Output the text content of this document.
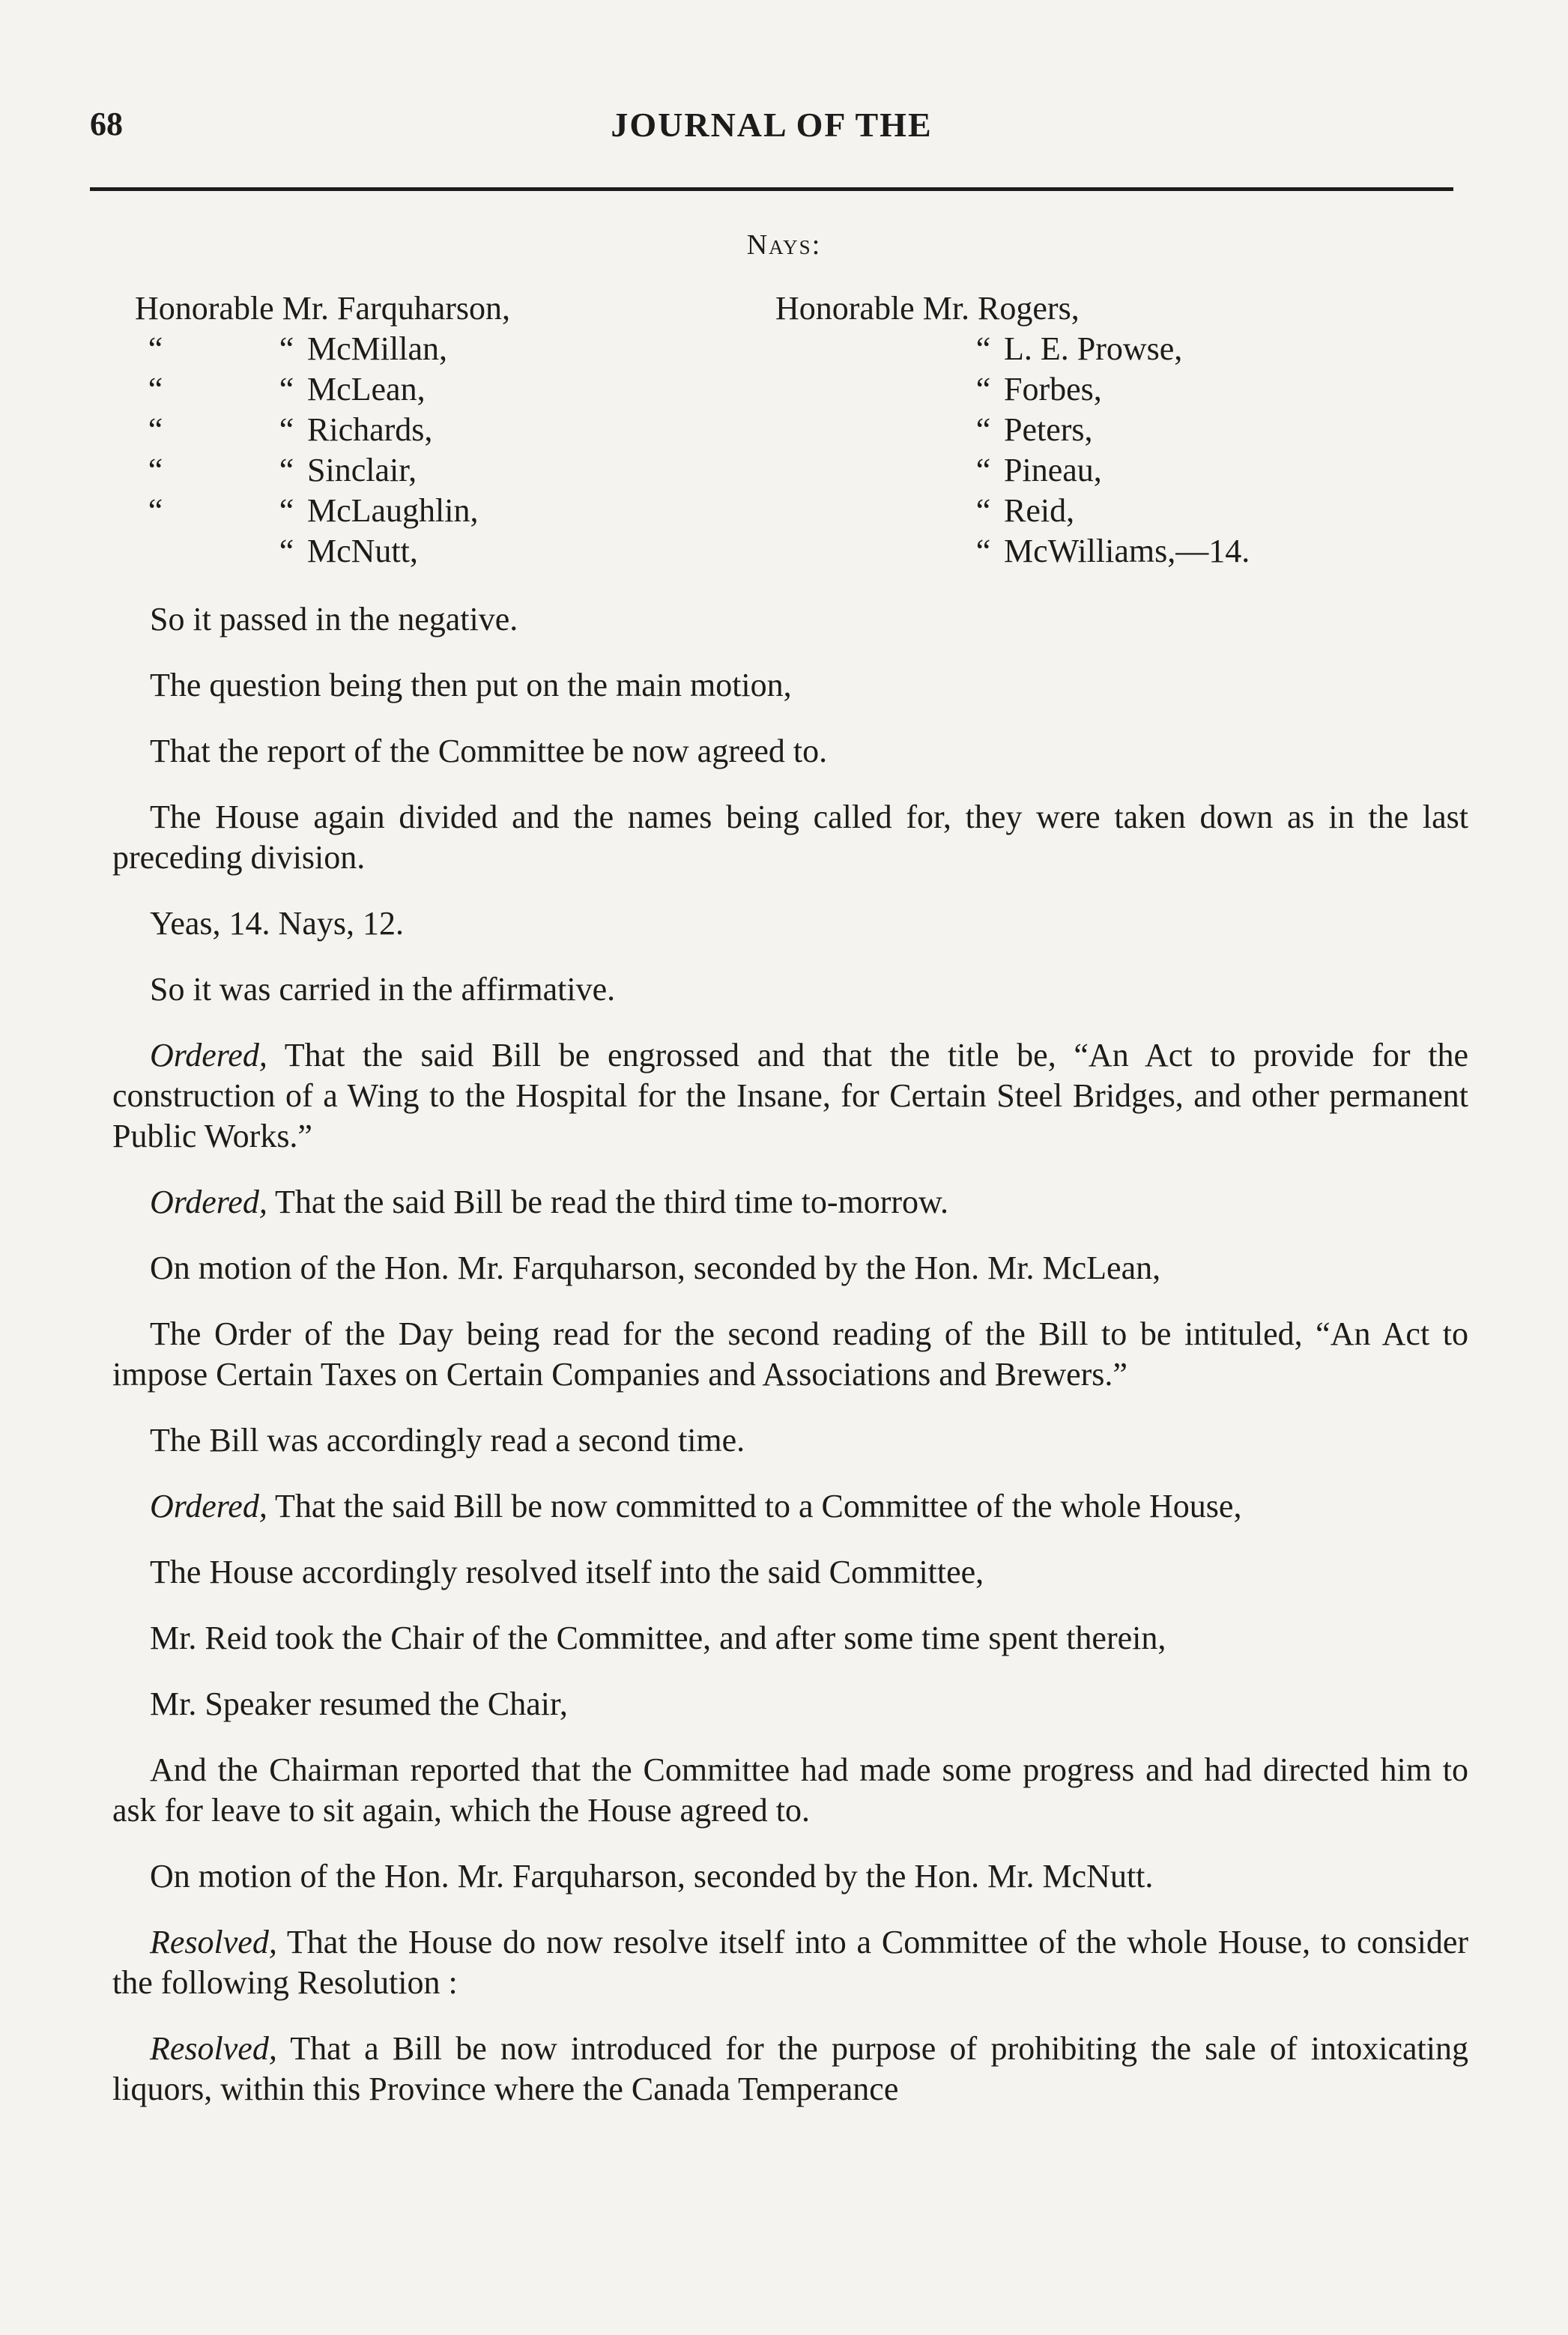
68	JOURNAL OF THE
Nays:
Honorable Mr. Farquharson,
“	“ McMillan,
“	“ McLean,
“	“ Richards,
“	“ Sinclair,
“	“ McLaughlin,
“ McNutt,
Honorable Mr. Rogers,
“ L. E. Prowse,
“ Forbes,
“ Peters,
“ Pineau,
“ Reid,
“ McWilliams,—14.

So it passed in the negative.

The question being then put on the main motion,

That the report of the Committee be now agreed to.

The House again divided and the names being called for, they were taken down as in the last preceding division.

Yeas, 14. Nays, 12.

So it was carried in the affirmative.

Ordered, That the said Bill be engrossed and that the title be, “An Act to provide for the construction of a Wing to the Hospital for the Insane, for Certain Steel Bridges, and other permanent Public Works.”

Ordered, That the said Bill be read the third time to-morrow.

On motion of the Hon. Mr. Farquharson, seconded by the Hon. Mr. McLean,

The Order of the Day being read for the second reading of the Bill to be intituled, “An Act to impose Certain Taxes on Certain Companies and Associations and Brewers.”

The Bill was accordingly read a second time.

Ordered, That the said Bill be now committed to a Committee of the whole House,

The House accordingly resolved itself into the said Committee,

Mr. Reid took the Chair of the Committee, and after some time spent therein,

Mr. Speaker resumed the Chair,

And the Chairman reported that the Committee had made some progress and had directed him to ask for leave to sit again, which the House agreed to.

On motion of the Hon. Mr. Farquharson, seconded by the Hon. Mr. McNutt.

Resolved, That the House do now resolve itself into a Committee of the whole House, to consider the following Resolution :

Resolved, That a Bill be now introduced for the purpose of prohibiting the sale of intoxicating liquors, within this Province where the Canada Temperance
